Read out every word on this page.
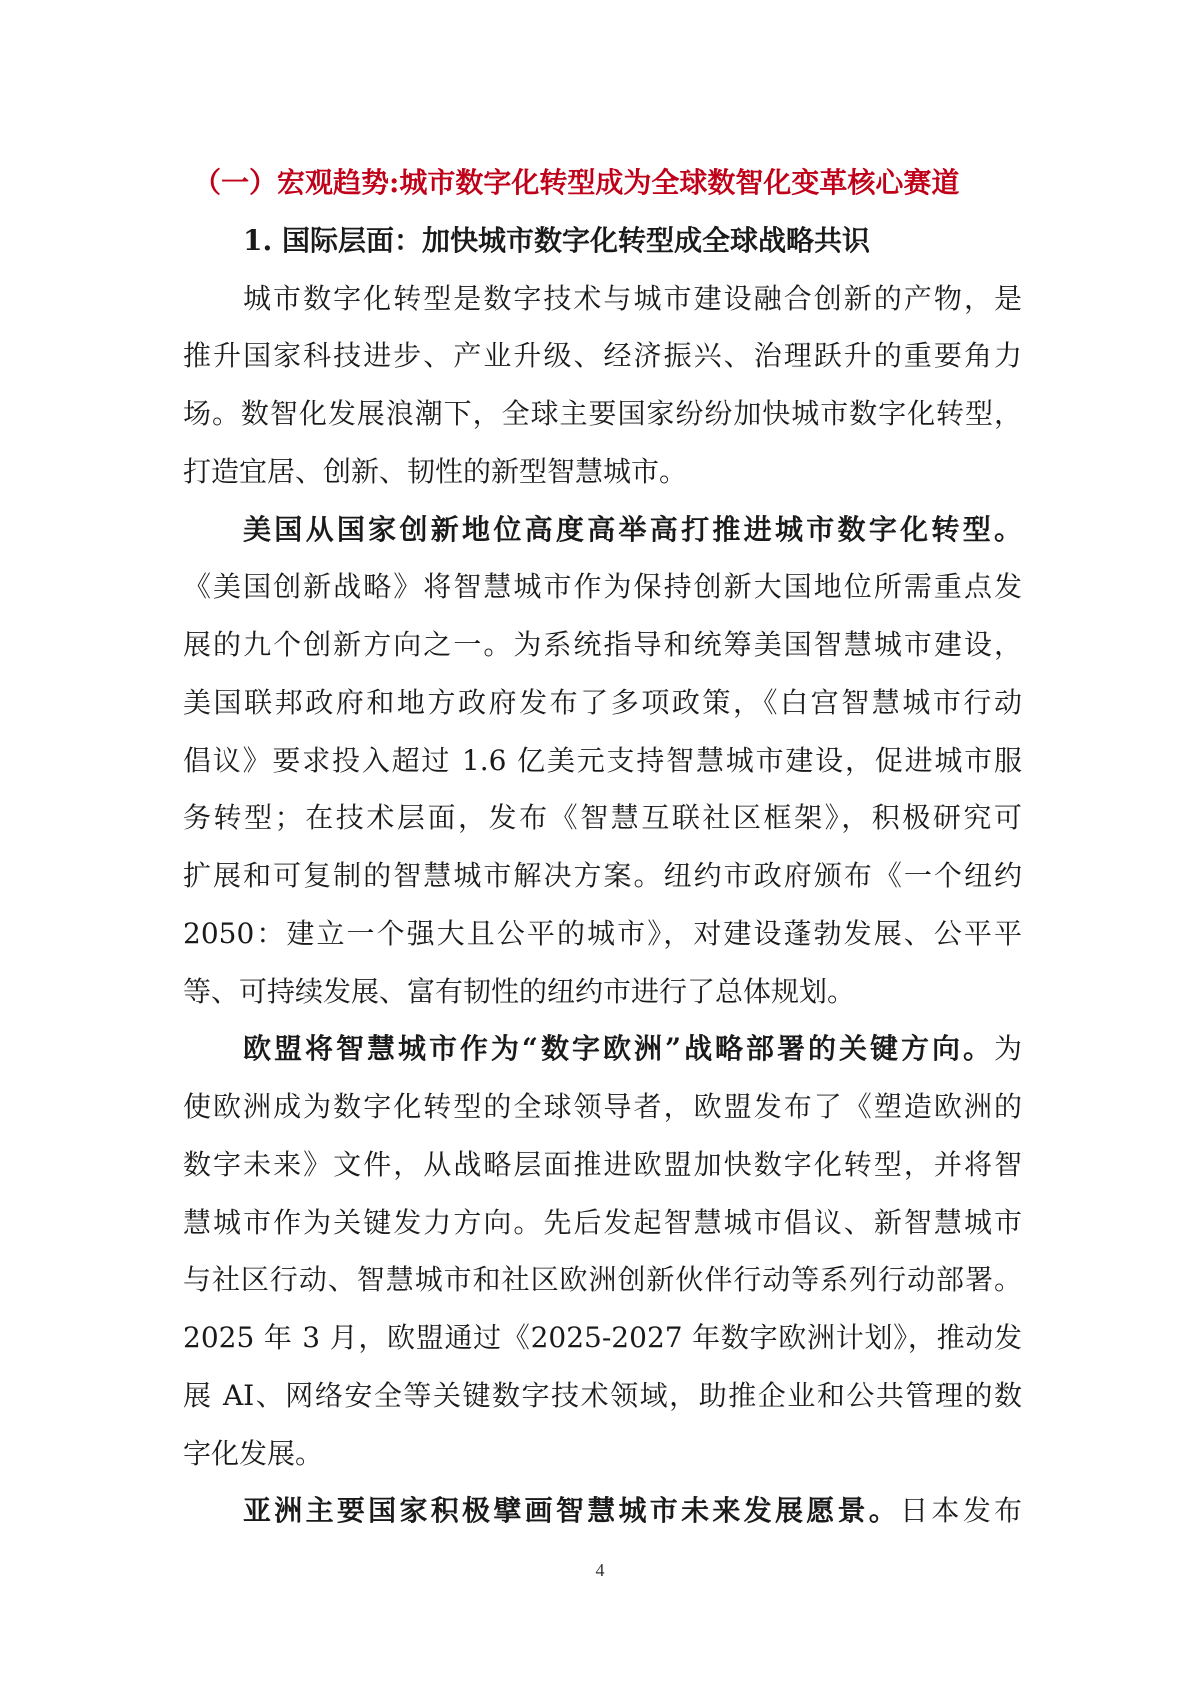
（一）宏观趋势:城市数字化转型成为全球数智化变革核心赛道
1. 国际层面：加快城市数字化转型成全球战略共识
城市数字化转型是数字技术与城市建设融合创新的产物，是
推升国家科技进步、产业升级、经济振兴、治理跃升的重要角力
场。数智化发展浪潮下，全球主要国家纷纷加快城市数字化转型，
打造宜居、创新、韧性的新型智慧城市。
美国从国家创新地位高度高举高打推进城市数字化转型。
《美国创新战略》将智慧城市作为保持创新大国地位所需重点发
展的九个创新方向之一。为系统指导和统筹美国智慧城市建设，
美国联邦政府和地方政府发布了多项政策，《白宫智慧城市行动
倡议》要求投入超过 1.6 亿美元支持智慧城市建设，促进城市服
务转型；在技术层面，发布《智慧互联社区框架》，积极研究可
扩展和可复制的智慧城市解决方案。纽约市政府颁布《一个纽约
2050：建立一个强大且公平的城市》，对建设蓬勃发展、公平平
等、可持续发展、富有韧性的纽约市进行了总体规划。
欧盟将智慧城市作为“数字欧洲”战略部署的关键方向。为
使欧洲成为数字化转型的全球领导者，欧盟发布了《塑造欧洲的
数字未来》文件，从战略层面推进欧盟加快数字化转型，并将智
慧城市作为关键发力方向。先后发起智慧城市倡议、新智慧城市
与社区行动、智慧城市和社区欧洲创新伙伴行动等系列行动部署。
2025 年 3 月，欧盟通过《2025-2027 年数字欧洲计划》，推动发
展 AI、网络安全等关键数字技术领域，助推企业和公共管理的数
字化发展。
亚洲主要国家积极擘画智慧城市未来发展愿景。日本发布
4
